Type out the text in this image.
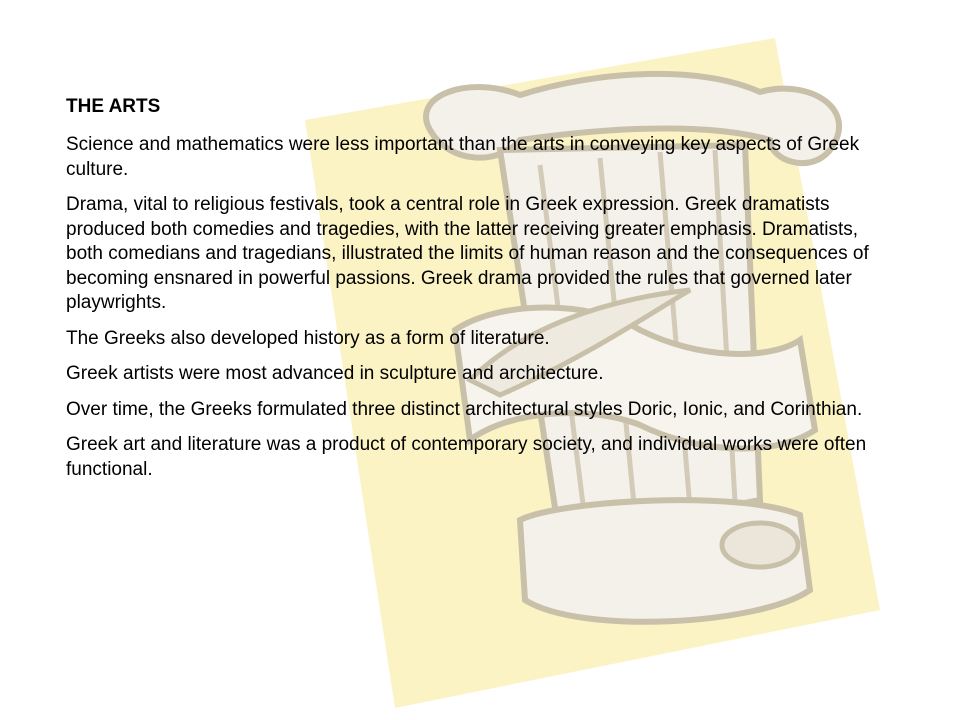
THE ARTS

Science and mathematics were less important than the arts in conveying key aspects of Greek culture.

Drama, vital to religious festivals, took a central role in Greek expression. Greek dramatists produced both comedies and tragedies, with the latter receiving greater emphasis. Dramatists, both comedians and tragedians, illustrated the limits of human reason and the consequences of becoming ensnared in powerful passions. Greek drama provided the rules that governed later playwrights.

The Greeks also developed history as a form of literature.

Greek artists were most advanced in sculpture and architecture.

Over time, the Greeks formulated three distinct architectural styles Doric, Ionic, and Corinthian.

Greek art and literature was a product of contemporary society, and individual works were often functional.
